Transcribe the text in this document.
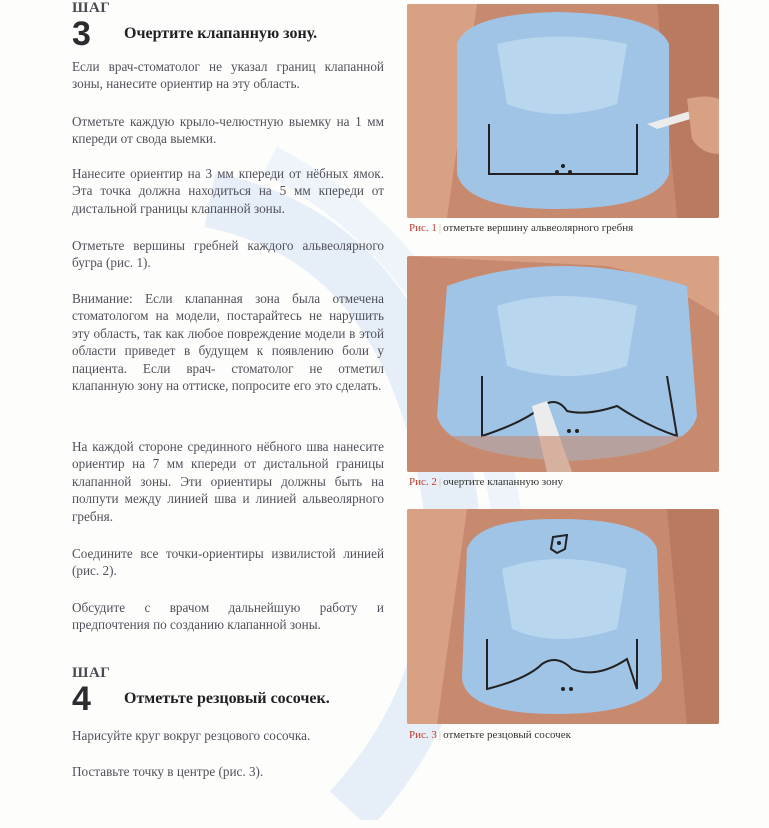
ШАГ
3	Очертите клапанную зону.

Если врач-стоматолог не указал границ клапанной зоны, нанесите ориентир на эту область.

Отметьте каждую крыло-челюстную выемку на 1 мм кпереди от свода выемки.

Нанесите ориентир на 3 мм кпереди от нёбных ямок. Эта точка должна находиться на 5 мм кпереди от дистальной границы клапанной зоны.

Отметьте вершины гребней каждого альвеолярного бугра (рис. 1).

Внимание: Если клапанная зона была отмечена стоматологом на модели, постарайтесь не нарушить эту область, так как любое повреждение модели в этой области приведет в будущем к появлению боли у пациента. Если врач- стоматолог не отметил клапанную зону на оттиске, попросите его это сделать.

На каждой стороне срединного нёбного шва нанесите ориентир на 7 мм кпереди от дистальной границы клапанной зоны. Эти ориентиры должны быть на полпути между линией шва и линией альвеолярного гребня.

Соедините все точки-ориентиры извилистой линией (рис. 2).

Обсудите с врачом дальнейшую работу и предпочтения по созданию клапанной зоны.

ШАГ
4	Отметьте резцовый сосочек.

Нарисуйте круг вокруг резцового сосочка.

Поставьте точку в центре (рис. 3).

Рис. 1 | отметьте вершину альвеолярного гребня
Рис. 2 | очертите клапанную зону
Рис. 3 | отметьте резцовый сосочек
